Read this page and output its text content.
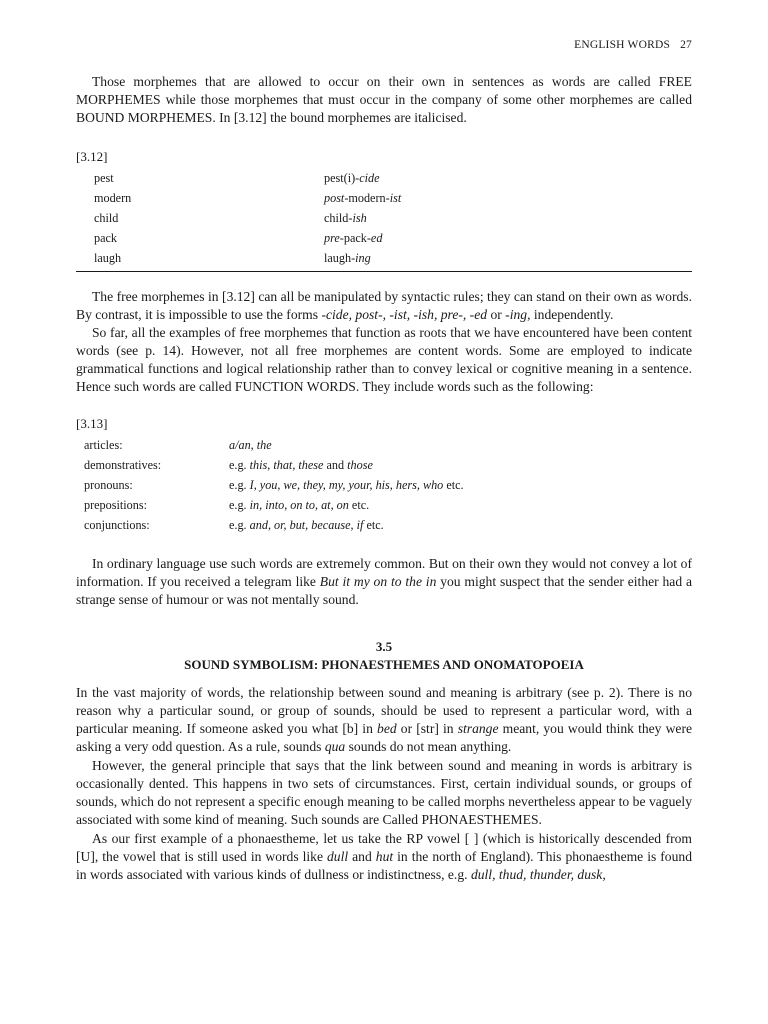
ENGLISH WORDS 27

Those morphemes that are allowed to occur on their own in sentences as words are called FREE MORPHEMES while those morphemes that must occur in the company of some other morphemes are called BOUND MORPHEMES. In [3.12] the bound morphemes are italicised.

[3.12]
pest	pest(i)-cide
modern	post-modern-ist
child	child-ish
pack	pre-pack-ed
laugh	laugh-ing

The free morphemes in [3.12] can all be manipulated by syntactic rules; they can stand on their own as words. By contrast, it is impossible to use the forms -cide, post-, -ist, -ish, pre-, -ed or -ing, independently.

So far, all the examples of free morphemes that function as roots that we have encountered have been content words (see p. 14). However, not all free morphemes are content words. Some are employed to indicate grammatical functions and logical relationship rather than to convey lexical or cognitive meaning in a sentence. Hence such words are called FUNCTION WORDS. They include words such as the following:

[3.13]
articles:	a/an, the
demonstratives:	e.g. this, that, these and those
pronouns:	e.g. I, you, we, they, my, your, his, hers, who etc.
prepositions:	e.g. in, into, on to, at, on etc.
conjunctions:	e.g. and, or, but, because, if etc.

In ordinary language use such words are extremely common. But on their own they would not convey a lot of information. If you received a telegram like But it my on to the in you might suspect that the sender either had a strange sense of humour or was not mentally sound.

3.5
SOUND SYMBOLISM: PHONAESTHEMES AND ONOMATOPOEIA

In the vast majority of words, the relationship between sound and meaning is arbitrary (see p. 2). There is no reason why a particular sound, or group of sounds, should be used to represent a particular word, with a particular meaning. If someone asked you what [b] in bed or [str] in strange meant, you would think they were asking a very odd question. As a rule, sounds qua sounds do not mean anything.

However, the general principle that says that the link between sound and meaning in words is arbitrary is occasionally dented. This happens in two sets of circumstances. First, certain individual sounds, or groups of sounds, which do not represent a specific enough meaning to be called morphs nevertheless appear to be vaguely associated with some kind of meaning. Such sounds are Called PHONAESTHEMES.

As our first example of a phonaestheme, let us take the RP vowel [ ] (which is historically descended from [U], the vowel that is still used in words like dull and hut in the north of England). This phonaestheme is found in words associated with various kinds of dullness or indistinctness, e.g. dull, thud, thunder, dusk,
